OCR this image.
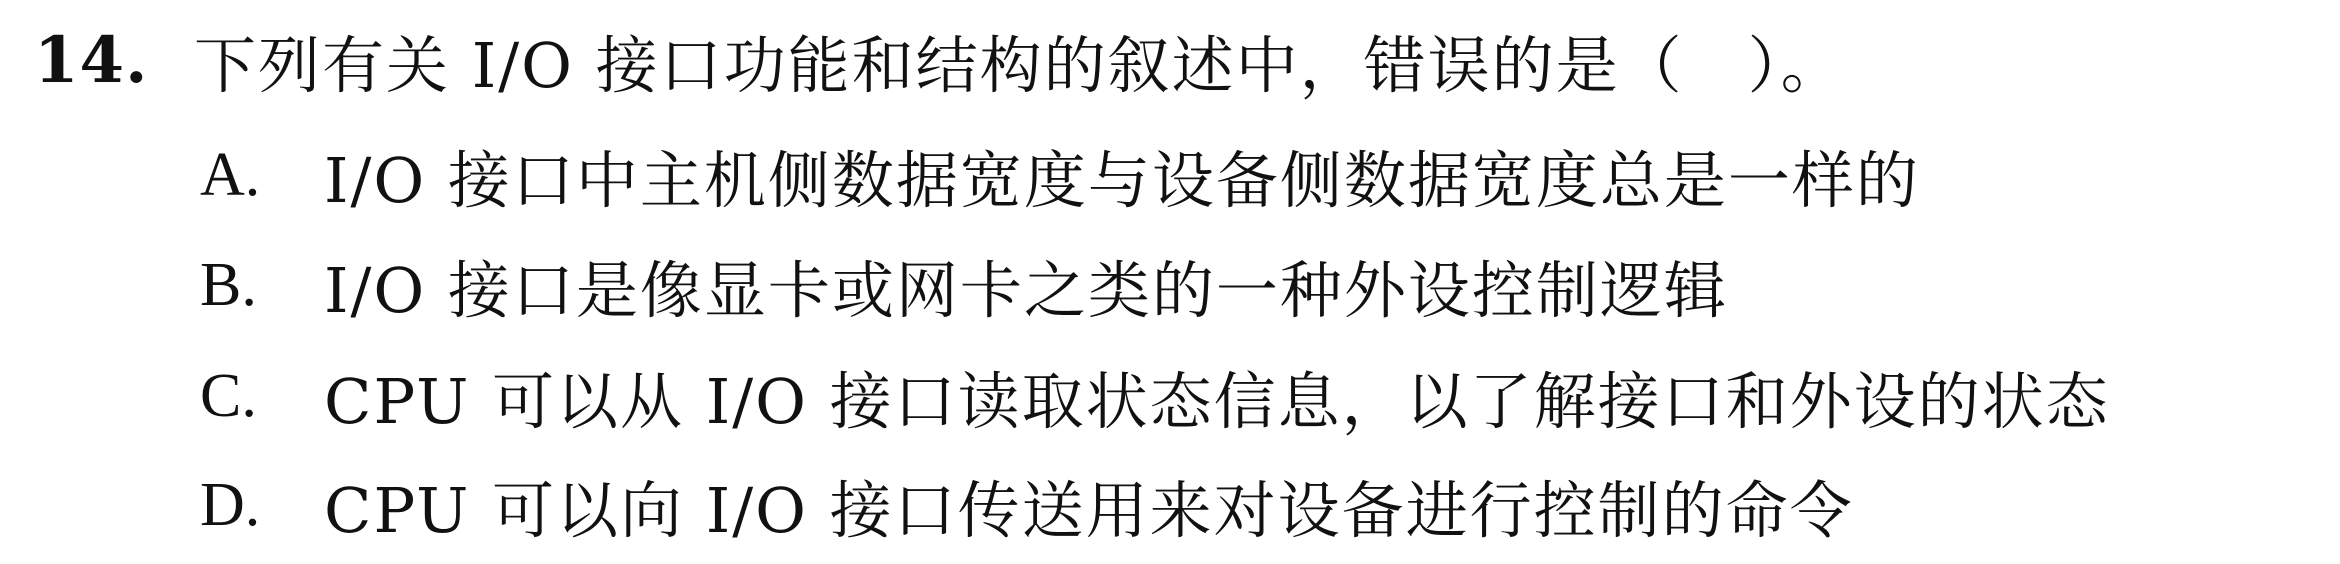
14. 下列有关 I/O 接口功能和结构的叙述中，错误的是（　）。
A.	I/O 接口中主机侧数据宽度与设备侧数据宽度总是一样的
B.	I/O 接口是像显卡或网卡之类的一种外设控制逻辑
C.	CPU 可以从 I/O 接口读取状态信息，以了解接口和外设的状态
D.	CPU 可以向 I/O 接口传送用来对设备进行控制的命令
